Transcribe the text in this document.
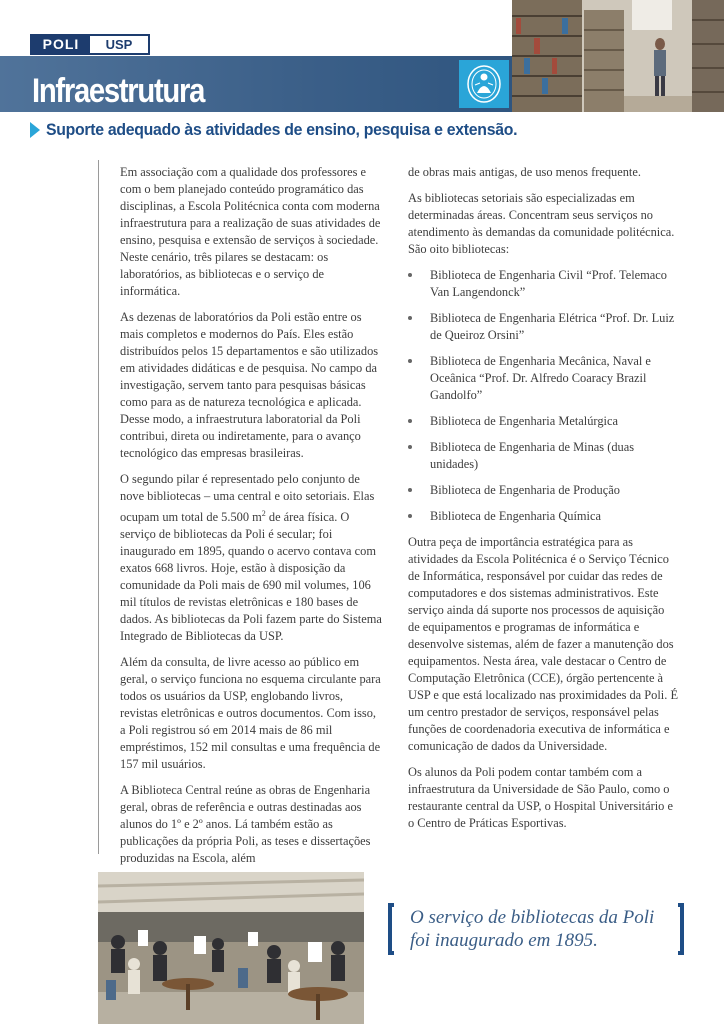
POLI	USP
Infraestrutura
Suporte adequado às atividades de ensino, pesquisa e extensão.

Em associação com a qualidade dos professores e com o bem planejado conteúdo programático das disciplinas, a Escola Politécnica conta com moderna infraestrutura para a realização de suas atividades de ensino, pesquisa e extensão de serviços à sociedade. Neste cenário, três pilares se destacam: os laboratórios, as bibliotecas e o serviço de informática.

As dezenas de laboratórios da Poli estão entre os mais completos e modernos do País. Eles estão distribuídos pelos 15 departamentos e são utilizados em atividades didáticas e de pesquisa. No campo da investigação, servem tanto para pesquisas básicas como para as de natureza tecnológica e aplicada. Desse modo, a infraestrutura laboratorial da Poli contribui, direta ou indiretamente, para o avanço tecnológico das empresas brasileiras.

O segundo pilar é representado pelo conjunto de nove bibliotecas – uma central e oito setoriais. Elas ocupam um total de 5.500 $m^2$ de área física. O serviço de bibliotecas da Poli é secular; foi inaugurado em 1895, quando o acervo contava com exatos 668 livros. Hoje, estão à disposição da comunidade da Poli mais de 690 mil volumes, 106 mil títulos de revistas eletrônicas e 180 bases de dados. As bibliotecas da Poli fazem parte do Sistema Integrado de Bibliotecas da USP.

Além da consulta, de livre acesso ao público em geral, o serviço funciona no esquema circulante para todos os usuários da USP, englobando livros, revistas eletrônicas e outros documentos. Com isso, a Poli registrou só em 2014 mais de 86 mil empréstimos, 152 mil consultas e uma frequência de 157 mil usuários.

A Biblioteca Central reúne as obras de Engenharia geral, obras de referência e outras destinadas aos alunos do 1º e 2º anos. Lá também estão as publicações da própria Poli, as teses e dissertações produzidas na Escola, além

de obras mais antigas, de uso menos frequente.

As bibliotecas setoriais são especializadas em determinadas áreas. Concentram seus serviços no atendimento às demandas da comunidade politécnica. São oito bibliotecas:

Biblioteca de Engenharia Civil “Prof. Telemaco Van Langendonck”
Biblioteca de Engenharia Elétrica “Prof. Dr. Luiz de Queiroz Orsini”
Biblioteca de Engenharia Mecânica, Naval e Oceânica “Prof. Dr. Alfredo Coaracy Brazil Gandolfo”
Biblioteca de Engenharia Metalúrgica
Biblioteca de Engenharia de Minas (duas unidades)
Biblioteca de Engenharia de Produção
Biblioteca de Engenharia Química

Outra peça de importância estratégica para as atividades da Escola Politécnica é o Serviço Técnico de Informática, responsável por cuidar das redes de computadores e dos sistemas administrativos. Este serviço ainda dá suporte nos processos de aquisição de equipamentos e programas de informática e desenvolve sistemas, além de fazer a manutenção dos equipamentos. Nesta área, vale destacar o Centro de Computação Eletrônica (CCE), órgão pertencente à USP e que está localizado nas proximidades da Poli. É um centro prestador de serviços, responsável pelas funções de coordenadoria executiva de informática e comunicação de dados da Universidade.

Os alunos da Poli podem contar também com a infraestrutura da Universidade de São Paulo, como o restaurante central da USP, o Hospital Universitário e o Centro de Práticas Esportivas.

O serviço de bibliotecas da Poli foi inaugurado em 1895.
